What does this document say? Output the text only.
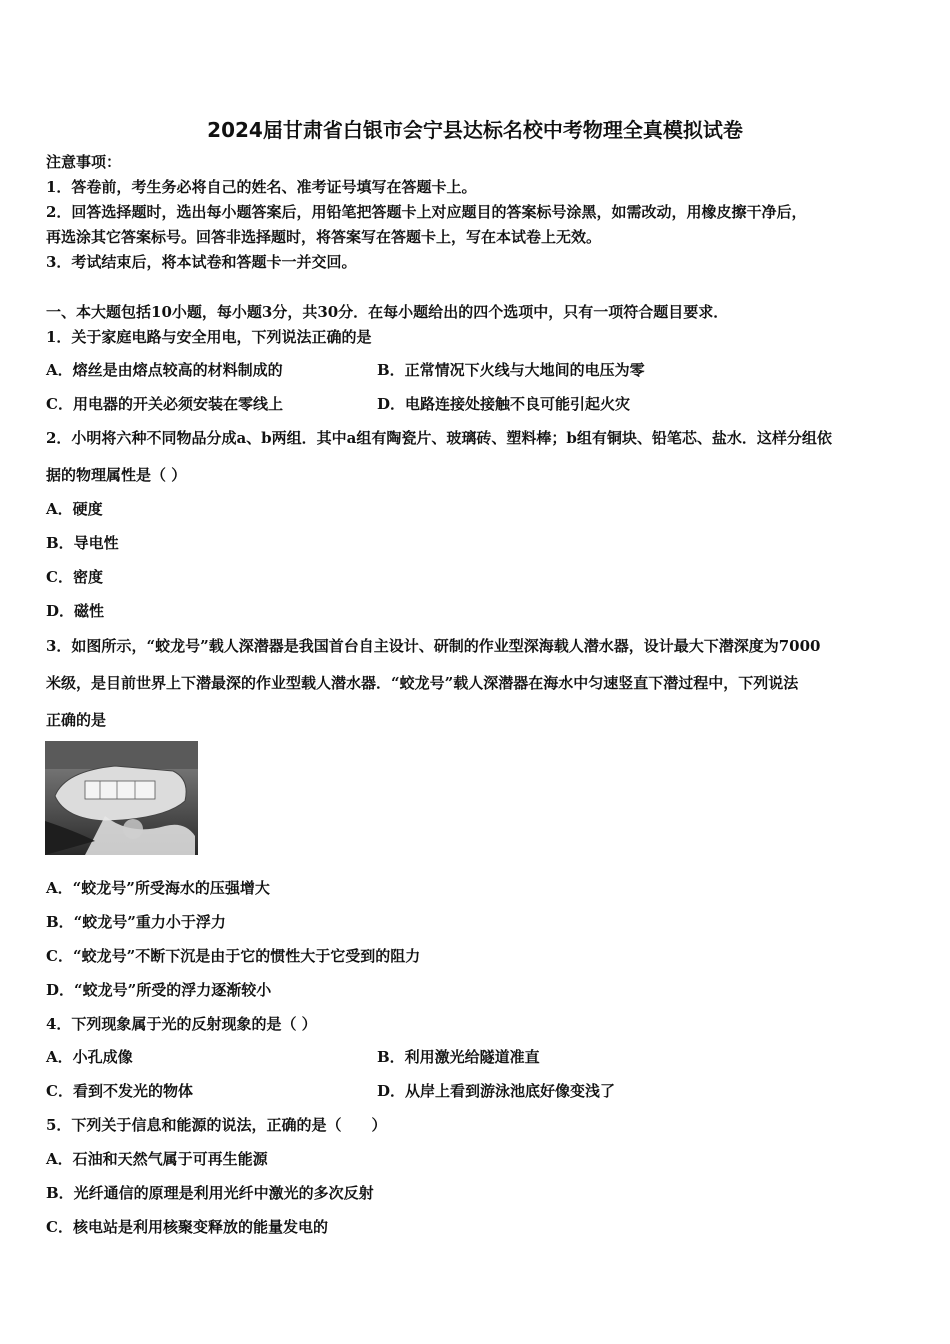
2024届甘肃省白银市会宁县达标名校中考物理全真模拟试卷
注意事项：
1．答卷前，考生务必将自己的姓名、准考证号填写在答题卡上。
2．回答选择题时，选出每小题答案后，用铅笔把答题卡上对应题目的答案标号涂黑，如需改动，用橡皮擦干净后，
再选涂其它答案标号。回答非选择题时，将答案写在答题卡上，写在本试卷上无效。
3．考试结束后，将本试卷和答题卡一并交回。
一、本大题包括10小题，每小题3分，共30分．在每小题给出的四个选项中，只有一项符合题目要求．
1．关于家庭电路与安全用电，下列说法正确的是
A．熔丝是由熔点较高的材料制成的	B．正常情况下火线与大地间的电压为零
C．用电器的开关必须安装在零线上	D．电路连接处接触不良可能引起火灾
2．小明将六种不同物品分成a、b两组．其中a组有陶瓷片、玻璃砖、塑料棒；b组有铜块、铅笔芯、盐水．这样分组依
据的物理属性是（ ）
A．硬度
B．导电性
C．密度
D．磁性
3．如图所示，“蛟龙号”载人深潜器是我国首台自主设计、研制的作业型深海载人潜水器，设计最大下潜深度为7000
米级，是目前世界上下潜最深的作业型载人潜水器．“蛟龙号”载人深潜器在海水中匀速竖直下潜过程中，下列说法
正确的是
A．“蛟龙号”所受海水的压强增大
B．“蛟龙号”重力小于浮力
C．“蛟龙号”不断下沉是由于它的惯性大于它受到的阻力
D．“蛟龙号”所受的浮力逐渐较小
4．下列现象属于光的反射现象的是（ ）
A．小孔成像	B．利用激光给隧道准直
C．看到不发光的物体	D．从岸上看到游泳池底好像变浅了
5．下列关于信息和能源的说法，正确的是（　　）
A．石油和天然气属于可再生能源
B．光纤通信的原理是利用光纤中激光的多次反射
C．核电站是利用核聚变释放的能量发电的
